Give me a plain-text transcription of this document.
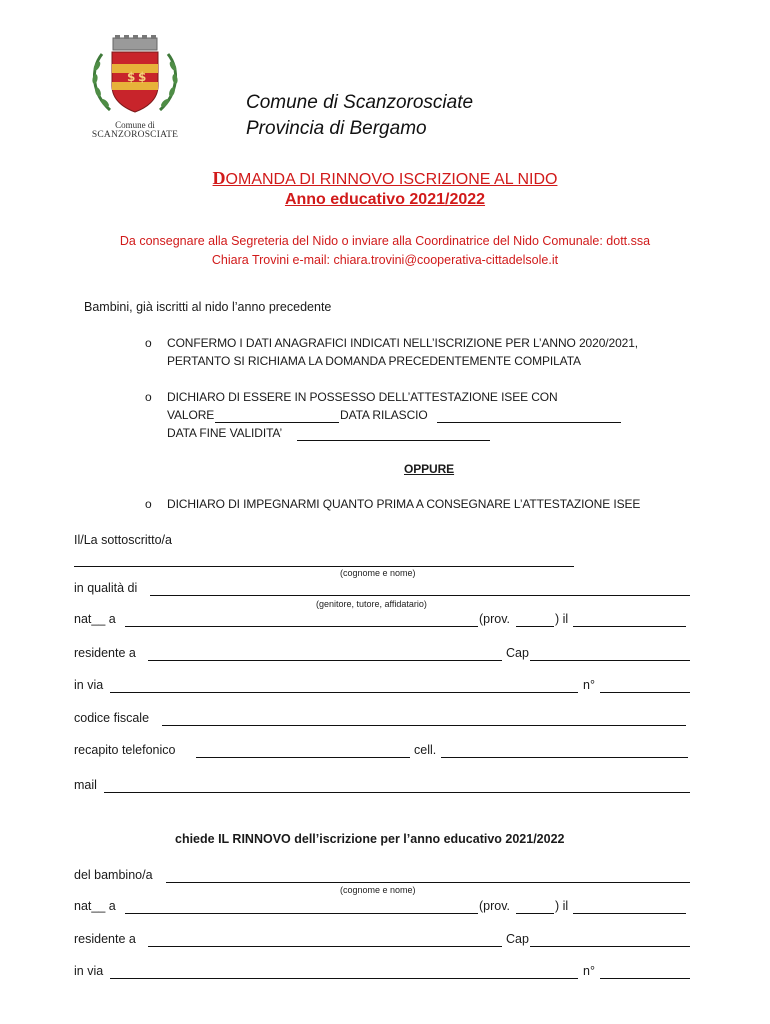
$ $
Comune di
SCANZOROSCIATE
Comune di Scanzorosciate
Provincia di Bergamo
DOMANDA DI RINNOVO ISCRIZIONE AL NIDO
Anno educativo 2021/2022
Da consegnare alla Segreteria del Nido o inviare alla Coordinatrice del Nido Comunale: dott.ssa
Chiara Trovini e-mail: chiara.trovini@cooperativa-cittadelsole.it
Bambini, già iscritti al nido l’anno precedente
o CONFERMO I DATI ANAGRAFICI INDICATI NELL’ISCRIZIONE PER L’ANNO 2020/2021,
PERTANTO SI RICHIAMA LA DOMANDA PRECEDENTEMENTE COMPILATA
o DICHIARO DI ESSERE IN POSSESSO DELL’ATTESTAZIONE ISEE CON
VALORE	DATA RILASCIO
DATA FINE VALIDITA’
OPPURE
o DICHIARO DI IMPEGNARMI QUANTO PRIMA A CONSEGNARE L’ATTESTAZIONE ISEE
Il/La sottoscritto/a
(cognome e nome)
in qualità di
(genitore, tutore, affidatario)
nat__ a	(prov.	) il
residente a	Cap
in via	n°
codice fiscale
recapito telefonico	cell.
mail
chiede IL RINNOVO dell’iscrizione per l’anno educativo 2021/2022
del bambino/a
(cognome e nome)
nat__ a	(prov.	) il
residente a	Cap
in via	n°
